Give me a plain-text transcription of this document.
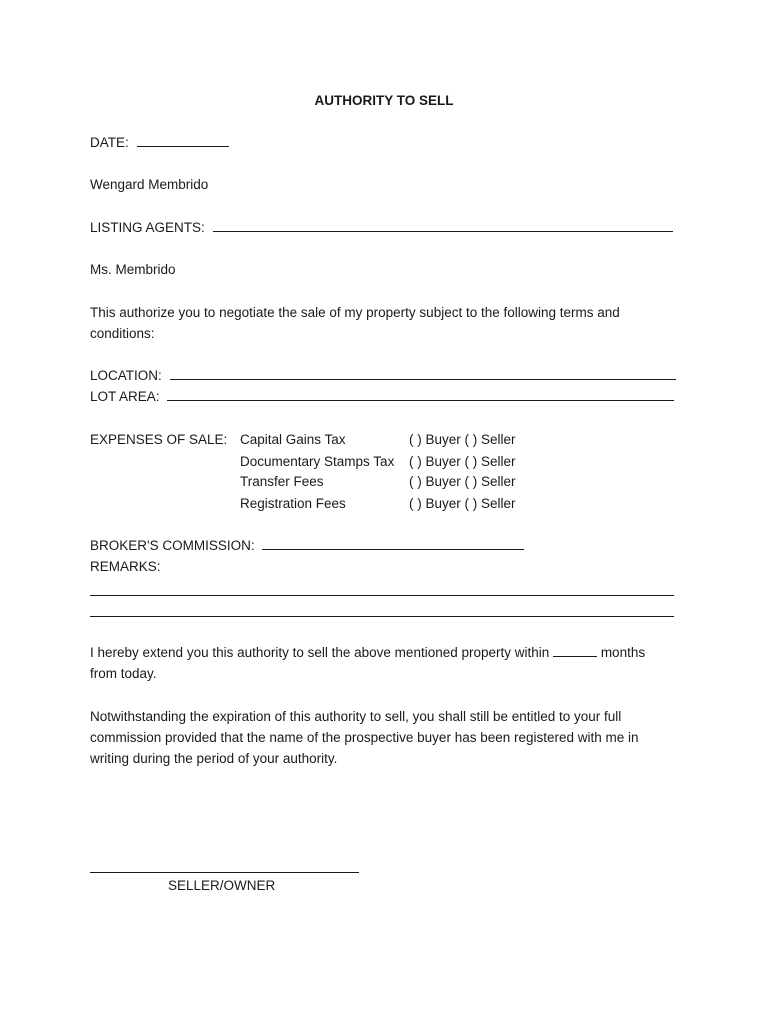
AUTHORITY TO SELL
DATE:
Wengard Membrido
LISTING AGENTS:
Ms. Membrido
This authorize you to negotiate the sale of my property subject to the following terms and conditions:
LOCATION:
LOT AREA:
EXPENSES OF SALE: Capital Gains Tax	( ) Buyer ( ) Seller
Documentary Stamps Tax ( ) Buyer ( ) Seller
Transfer Fees	( ) Buyer ( ) Seller
Registration Fees	( ) Buyer ( ) Seller
BROKER'S COMMISSION:
REMARKS:
I hereby extend you this authority to sell the above mentioned property within	months from today.
Notwithstanding the expiration of this authority to sell, you shall still be entitled to your full commission provided that the name of the prospective buyer has been registered with me in writing during the period of your authority.
SELLER/OWNER
